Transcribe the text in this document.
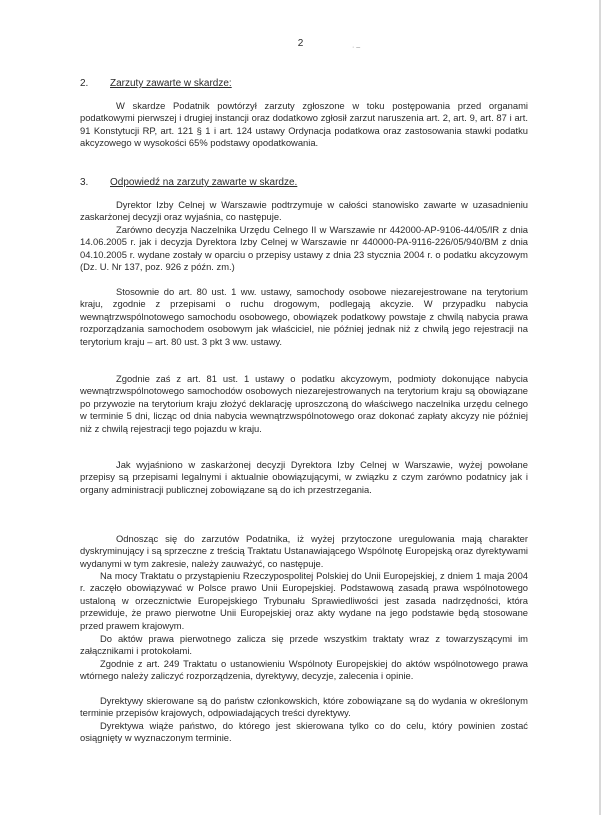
2	· –
2. Zarzuty zawarte w skardze:

W skardze Podatnik powtórzył zarzuty zgłoszone w toku postępowania przed organami podatkowymi pierwszej i drugiej instancji oraz dodatkowo zgłosił zarzut naruszenia art. 2, art. 9, art. 87 i art. 91 Konstytucji RP, art. 121 § 1 i art. 124 ustawy Ordynacja podatkowa oraz zastosowania stawki podatku akcyzowego w wysokości 65% podstawy opodatkowania.

3. Odpowiedź na zarzuty zawarte w skardze.

Dyrektor Izby Celnej w Warszawie podtrzymuje w całości stanowisko zawarte w uzasadnieniu zaskarżonej decyzji oraz wyjaśnia, co następuje.

Zarówno decyzja Naczelnika Urzędu Celnego II w Warszawie nr 442000-AP-9106-44/05/IR z dnia 14.06.2005 r. jak i decyzja Dyrektora Izby Celnej w Warszawie nr 440000-PA-9116-226/05/940/BM z dnia 04.10.2005 r. wydane zostały w oparciu o przepisy ustawy z dnia 23 stycznia 2004 r. o podatku akcyzowym (Dz. U. Nr 137, poz. 926 z późn. zm.)

Stosownie do art. 80 ust. 1 ww. ustawy, samochody osobowe niezarejestrowane na terytorium kraju, zgodnie z przepisami o ruchu drogowym, podlegają akcyzie. W przypadku nabycia wewnątrzwspólnotowego samochodu osobowego, obowiązek podatkowy powstaje z chwilą nabycia prawa rozporządzania samochodem osobowym jak właściciel, nie później jednak niż z chwilą jego rejestracji na terytorium kraju – art. 80 ust. 3 pkt 3 ww. ustawy.

Zgodnie zaś z art. 81 ust. 1 ustawy o podatku akcyzowym, podmioty dokonujące nabycia wewnątrzwspólnotowego samochodów osobowych niezarejestrowanych na terytorium kraju są obowiązane po przywozie na terytorium kraju złożyć deklarację uproszczoną do właściwego naczelnika urzędu celnego w terminie 5 dni, licząc od dnia nabycia wewnątrzwspólnotowego oraz dokonać zapłaty akcyzy nie później niż z chwilą rejestracji tego pojazdu w kraju.

Jak wyjaśniono w zaskarżonej decyzji Dyrektora Izby Celnej w Warszawie, wyżej powołane przepisy są przepisami legalnymi i aktualnie obowiązującymi, w związku z czym zarówno podatnicy jak i organy administracji publicznej zobowiązane są do ich przestrzegania.

Odnosząc się do zarzutów Podatnika, iż wyżej przytoczone uregulowania mają charakter dyskryminujący i są sprzeczne z treścią Traktatu Ustanawiającego Wspólnotę Europejską oraz dyrektywami wydanymi w tym zakresie, należy zauważyć, co następuje.

Na mocy Traktatu o przystąpieniu Rzeczypospolitej Polskiej do Unii Europejskiej, z dniem 1 maja 2004 r. zaczęło obowiązywać w Polsce prawo Unii Europejskiej. Podstawową zasadą prawa wspólnotowego ustaloną w orzecznictwie Europejskiego Trybunału Sprawiedliwości jest zasada nadrzędności, która przewiduje, że prawo pierwotne Unii Europejskiej oraz akty wydane na jego podstawie będą stosowane przed prawem krajowym.

Do aktów prawa pierwotnego zalicza się przede wszystkim traktaty wraz z towarzyszącymi im załącznikami i protokołami.

Zgodnie z art. 249 Traktatu o ustanowieniu Wspólnoty Europejskiej do aktów wspólnotowego prawa wtórnego należy zaliczyć rozporządzenia, dyrektywy, decyzje, zalecenia i opinie.

Dyrektywy skierowane są do państw członkowskich, które zobowiązane są do wydania w określonym terminie przepisów krajowych, odpowiadających treści dyrektywy.

Dyrektywa wiąże państwo, do którego jest skierowana tylko co do celu, który powinien zostać osiągnięty w wyznaczonym terminie.
